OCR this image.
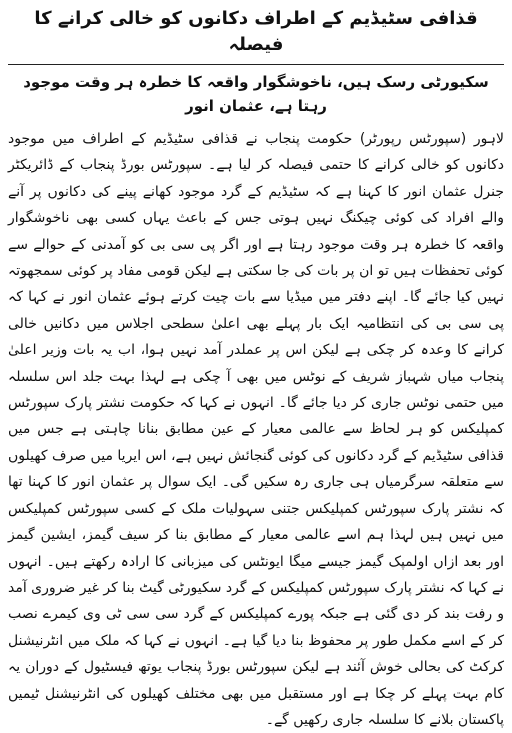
قذافی سٹیڈیم کے اطراف دکانوں کو خالی کرانے کا فیصلہ
سکیورٹی رسک ہیں، ناخوشگوار واقعہ کا خطرہ ہر وقت موجود رہتا ہے، عثمان انور

لاہور (سپورٹس رپورٹر) حکومت پنجاب نے قذافی سٹیڈیم کے اطراف میں موجود دکانوں کو خالی کرانے کا حتمی فیصلہ کر لیا ہے۔ سپورٹس بورڈ پنجاب کے ڈائریکٹر جنرل عثمان انور کا کہنا ہے کہ سٹیڈیم کے گرد موجود کھانے پینے کی دکانوں پر آنے والے افراد کی کوئی چیکنگ نہیں ہوتی جس کے باعث یہاں کسی بھی ناخوشگوار واقعہ کا خطرہ ہر وقت موجود رہتا ہے اور اگر پی سی بی کو آمدنی کے حوالے سے کوئی تحفظات ہیں تو ان پر بات کی جا سکتی ہے لیکن قومی مفاد پر کوئی سمجھوتہ نہیں کیا جائے گا۔ اپنے دفتر میں میڈیا سے بات چیت کرتے ہوئے عثمان انور نے کہا کہ پی سی بی کی انتظامیہ ایک بار پہلے بھی اعلیٰ سطحی اجلاس میں دکانیں خالی کرانے کا وعدہ کر چکی ہے لیکن اس پر عملدر آمد نہیں ہوا، اب یہ بات وزیر اعلیٰ پنجاب میاں شہباز شریف کے نوٹس میں بھی آ چکی ہے لہذا بہت جلد اس سلسلہ میں حتمی نوٹس جاری کر دیا جائے گا۔ انہوں نے کہا کہ حکومت نشتر پارک سپورٹس کمپلیکس کو ہر لحاظ سے عالمی معیار کے عین مطابق بنانا چاہتی ہے جس میں قذافی سٹیڈیم کے گرد دکانوں کی کوئی گنجائش نہیں ہے، اس ایریا میں صرف کھیلوں سے متعلقہ سرگرمیاں ہی جاری رہ سکیں گی۔ ایک سوال پر عثمان انور کا کہنا تھا کہ نشتر پارک سپورٹس کمپلیکس جتنی سہولیات ملک کے کسی سپورٹس کمپلیکس میں نہیں ہیں لہذا ہم اسے عالمی معیار کے مطابق بنا کر سیف گیمز، ایشین گیمز اور بعد ازاں اولمپک گیمز جیسے میگا ایونٹس کی میزبانی کا ارادہ رکھتے ہیں۔ انہوں نے کہا کہ نشتر پارک سپورٹس کمپلیکس کے گرد سکیورٹی گیٹ بنا کر غیر ضروری آمد و رفت بند کر دی گئی ہے جبکہ پورے کمپلیکس کے گرد سی سی ٹی وی کیمرے نصب کر کے اسے مکمل طور پر محفوظ بنا دیا گیا ہے۔ انہوں نے کہا کہ ملک میں انٹرنیشنل کرکٹ کی بحالی خوش آئند ہے لیکن سپورٹس بورڈ پنجاب یوتھ فیسٹیول کے دوران یہ کام بہت پہلے کر چکا ہے اور مستقبل میں بھی مختلف کھیلوں کی انٹرنیشنل ٹیمیں پاکستان بلانے کا سلسلہ جاری رکھیں گے۔
